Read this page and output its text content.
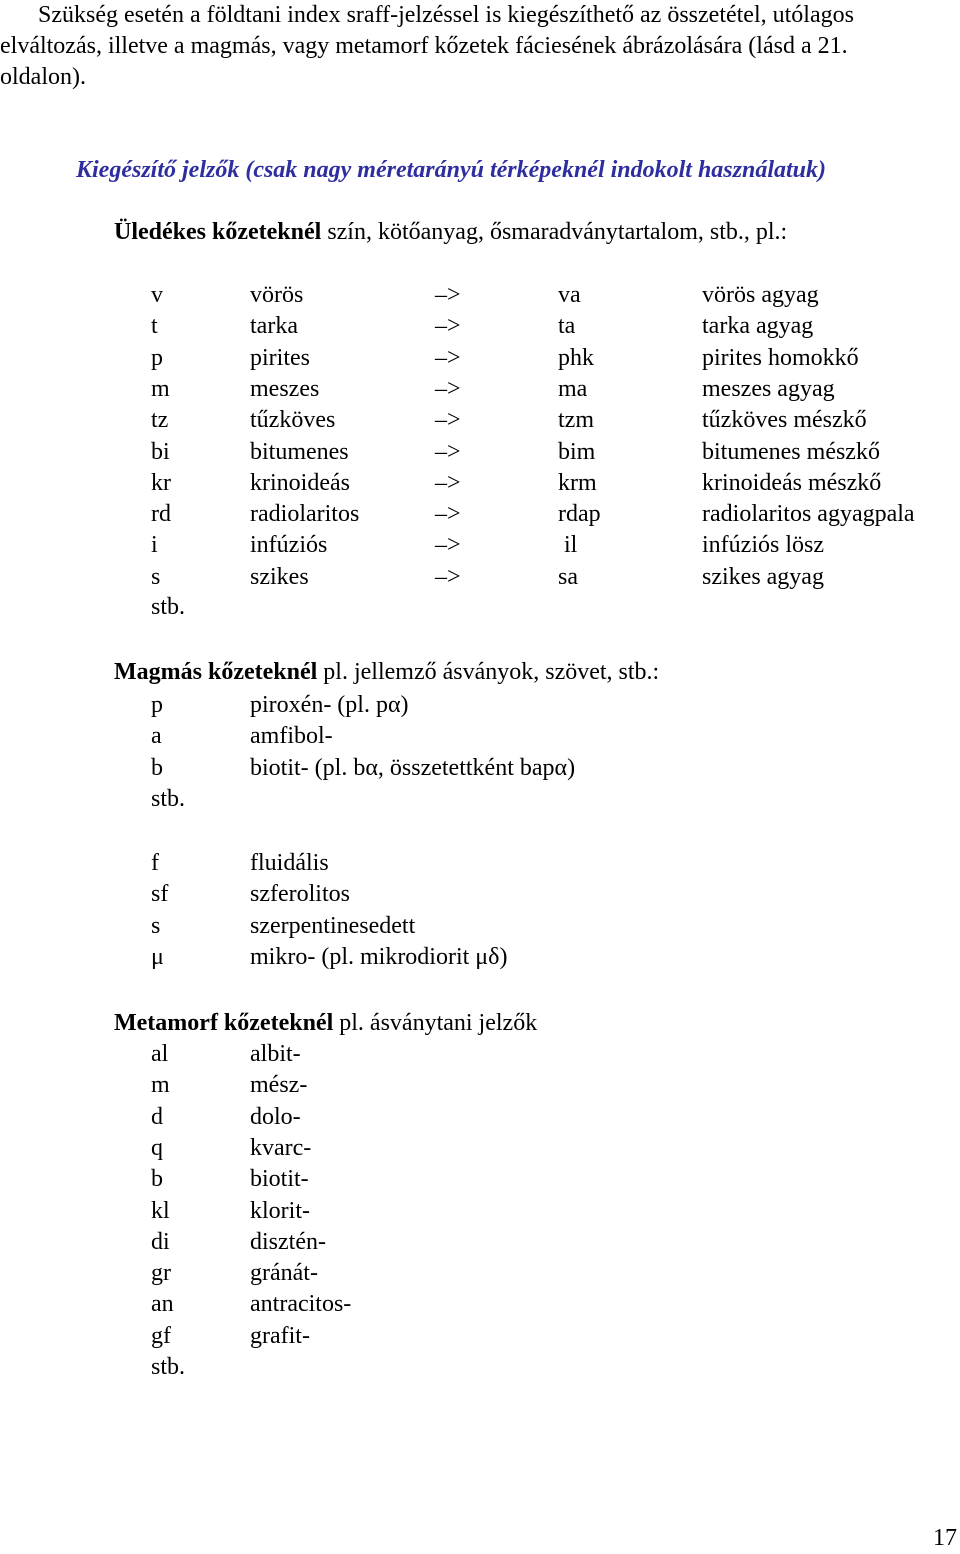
Szükség esetén a földtani index sraff-jelzéssel is kiegészíthető az összetétel, utólagos
elváltozás, illetve a magmás, vagy metamorf kőzetek fáciesének ábrázolására (lásd a 21.
oldalon).
Kiegészítő jelzők (csak nagy méretarányú térképeknél indokolt használatuk)
Üledékes kőzeteknél szín, kötőanyag, ősmaradványtartalom, stb., pl.:
v	vörös	–>	va	vörös agyag
t	tarka	–>	ta	tarka agyag
p	pirites	–>	phk	pirites homokkő
m	meszes	–>	ma	meszes agyag
tz	tűzköves	–>	tzm	tűzköves mészkő
bi	bitumenes	–>	bim	bitumenes mészkő
kr	krinoideás	–>	krm	krinoideás mészkő
rd	radiolaritos	–>	rdap	radiolaritos agyagpala
i	infúziós	–>	il	infúziós lösz
s	szikes	–>	sa	szikes agyag
stb.
Magmás kőzeteknél pl. jellemző ásványok, szövet, stb.:
p	piroxén- (pl. pα)
a	amfibol-
b	biotit- (pl. bα, összetettként bapα)
stb.
f	fluidális
sf	szferolitos
s	szerpentinesedett
μ	mikro- (pl. mikrodiorit μδ)
Metamorf kőzeteknél pl. ásványtani jelzők
al	albit-
m	mész-
d	dolo-
q	kvarc-
b	biotit-
kl	klorit-
di	disztén-
gr	gránát-
an	antracitos-
gf	grafit-
stb.
17
